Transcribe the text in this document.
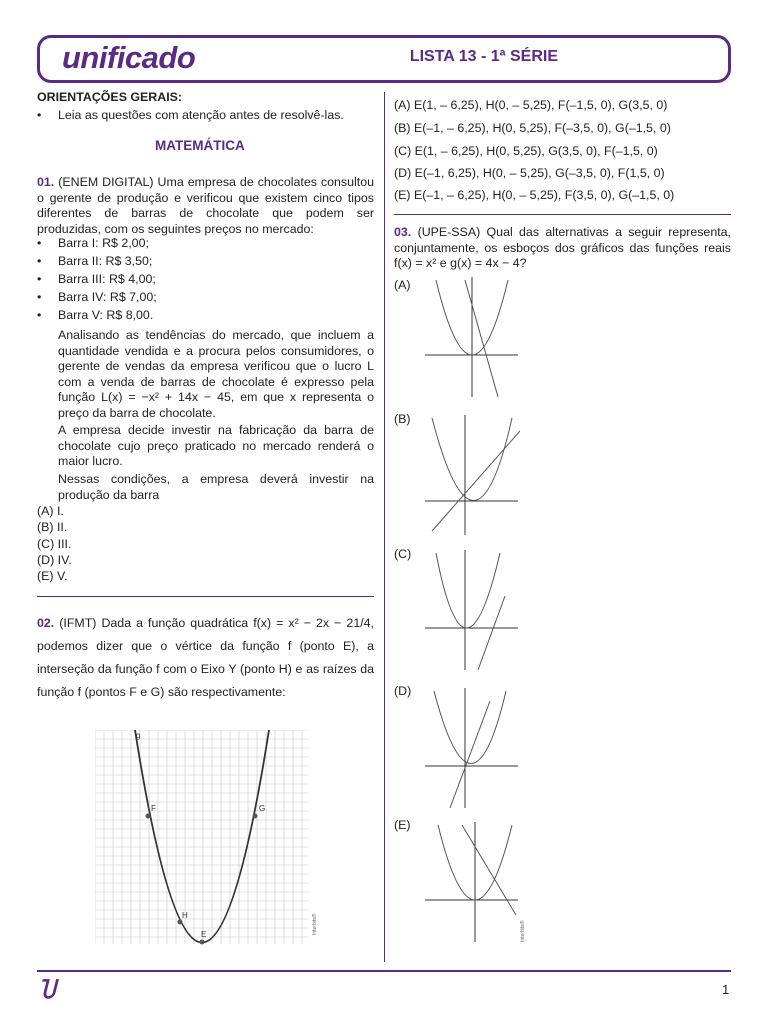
unificado	LISTA 13 - 1ª SÉRIE
ORIENTAÇÕES GERAIS:
• Leia as questões com atenção antes de resolvê-las.
MATEMÁTICA
01. (ENEM DIGITAL) Uma empresa de chocolates consultou o gerente de produção e verificou que existem cinco tipos diferentes de barras de chocolate que podem ser produzidas, com os seguintes preços no mercado:
• Barra I: R$ 2,00;
• Barra II: R$ 3,50;
• Barra III: R$ 4,00;
• Barra IV: R$ 7,00;
• Barra V: R$ 8,00.
Analisando as tendências do mercado, que incluem a quantidade vendida e a procura pelos consumidores, o gerente de vendas da empresa verificou que o lucro L com a venda de barras de chocolate é expresso pela função L(x) = −x² + 14x − 45, em que x representa o preço da barra de chocolate.
A empresa decide investir na fabricação da barra de chocolate cujo preço praticado no mercado renderá o maior lucro.
Nessas condições, a empresa deverá investir na produção da barra
(A) I.
(B) II.
(C) III.
(D) IV.
(E) V.
02. (IFMT) Dada a função quadrática f(x) = x² − 2x − 21/4, podemos dizer que o vértice da função f (ponto E), a interseção da função f com o Eixo Y (ponto H) e as raízes da função f (pontos F e G) são respectivamente:
g
F	G
H
E	Interbits®
(A) E(1, – 6,25), H(0, – 5,25), F(–1,5, 0), G(3,5, 0)
(B) E(–1, – 6,25), H(0, 5,25), F(–3,5, 0), G(–1,5, 0)
(C) E(1, – 6,25), H(0, 5,25), G(3,5, 0), F(–1,5, 0)
(D) E(–1, 6,25), H(0, – 5,25), G(–3,5, 0), F(1,5, 0)
(E) E(–1, – 6,25), H(0, – 5,25), F(3,5, 0), G(–1,5, 0)
03. (UPE-SSA) Qual das alternativas a seguir representa, conjuntamente, os esboços dos gráficos das funções reais f(x) = x² e g(x) = 4x − 4?
(A)
(B)
(C)
(D)
(E)
Interbits®
Ⴎ	1
